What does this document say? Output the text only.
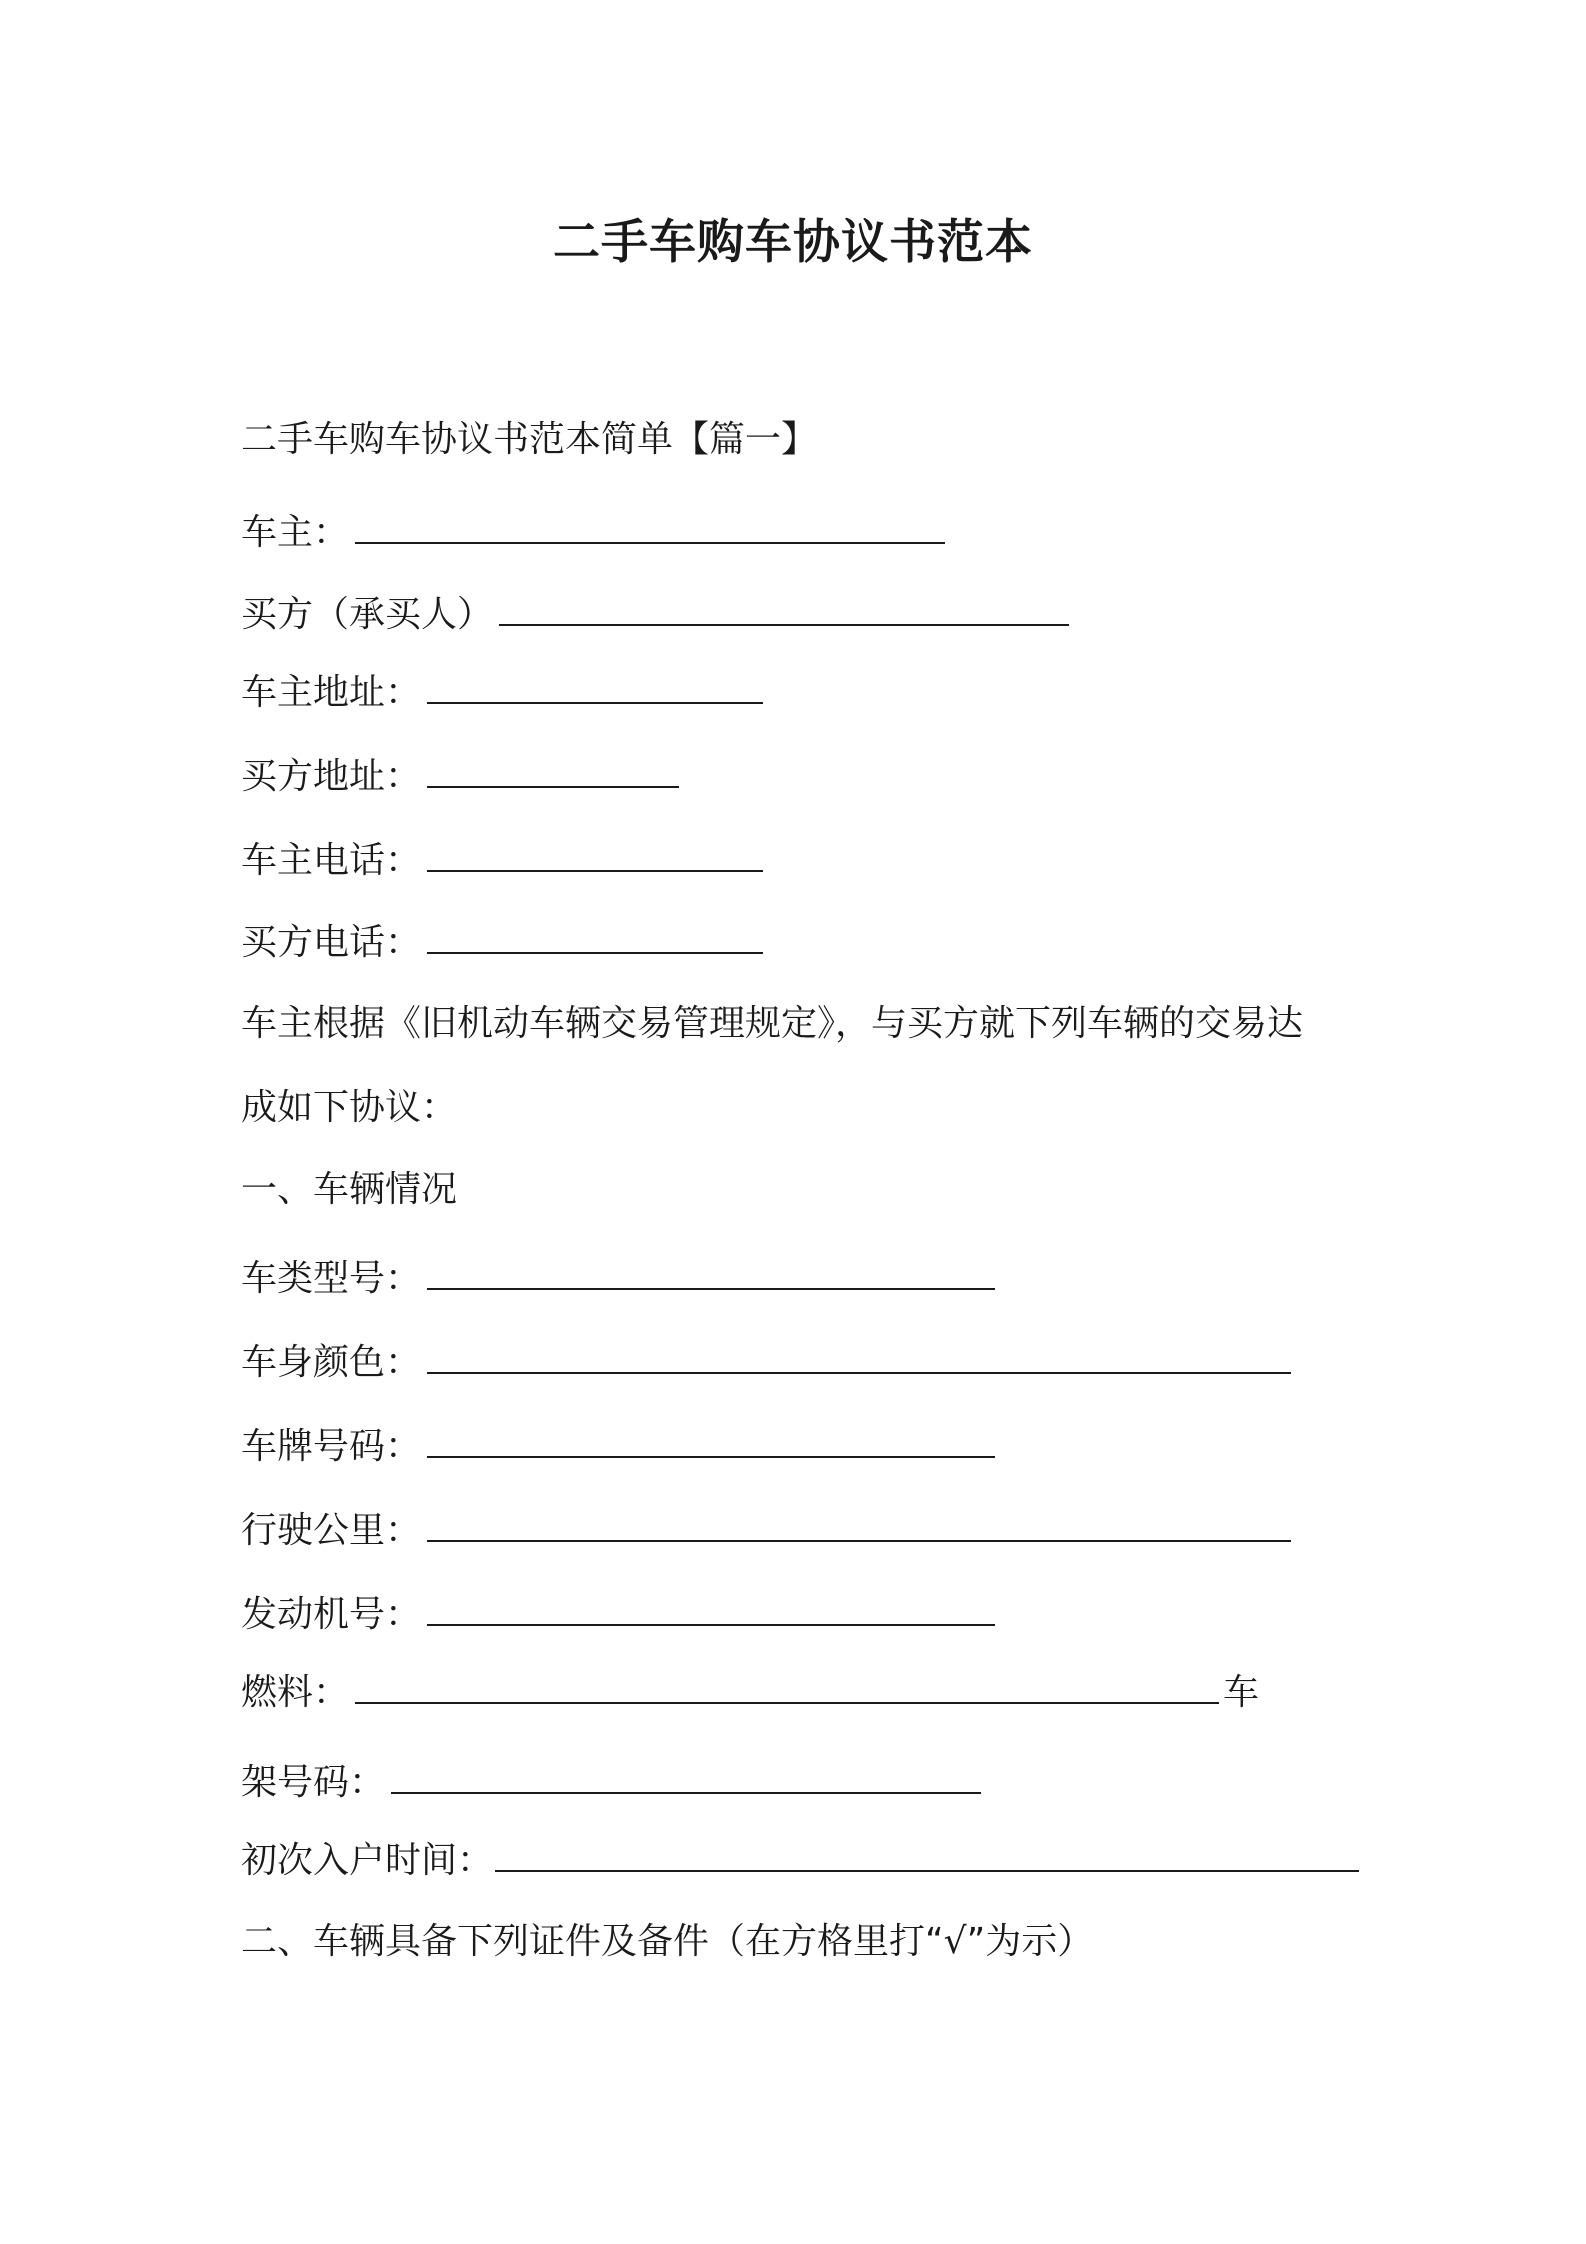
二手车购车协议书范本
二手车购车协议书范本简单【篇一】
车主：
买方（承买人）
车主地址：
买方地址：
车主电话：
买方电话：
车主根据《旧机动车辆交易管理规定》，与买方就下列车辆的交易达
成如下协议：
一、车辆情况
车类型号：
车身颜色：
车牌号码：
行驶公里：
发动机号：
燃料：	车
架号码：
初次入户时间：
二、车辆具备下列证件及备件（在方格里打“√”为示）
